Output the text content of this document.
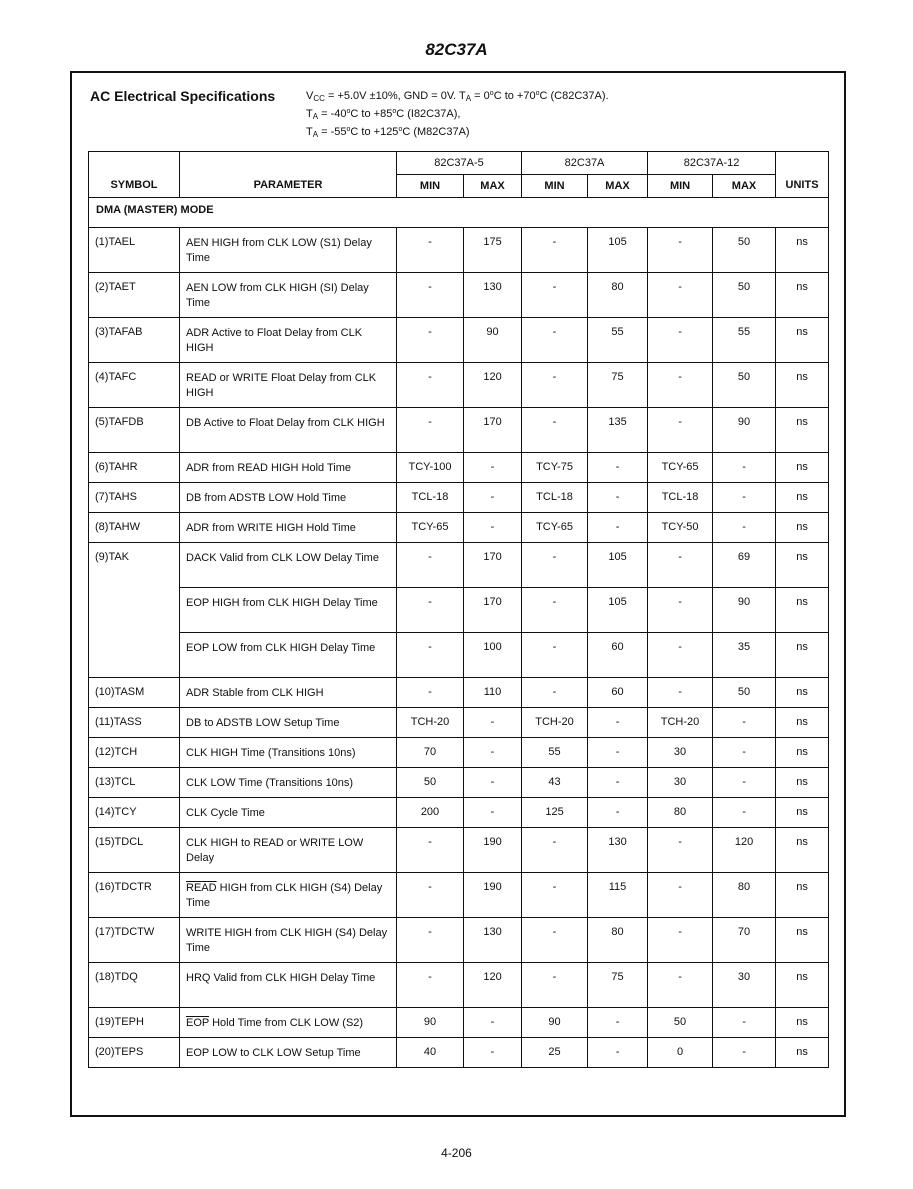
82C37A
AC Electrical Specifications	$V_{CC} = +5.0V \pm 10\%$, GND = 0V. $T_A = 0^oC$ to $+70^oC$ (C82C37A).
$T_A = -40^oC$ to $+85^oC$ (I82C37A),
$T_A = -55^oC$ to $+125^oC$ (M82C37A)
SYMBOL	PARAMETER	82C37A-5		82C37A		82C37A-12		UNITS
		MIN	MAX	MIN	MAX	MIN	MAX	
DMA (MASTER) MODE								
(1)TAEL	AEN HIGH from CLK LOW (S1) Delay Time	-	175	-	105	-	50	ns
(2)TAET	AEN LOW from CLK HIGH (SI) Delay Time	-	130	-	80	-	50	ns
(3)TAFAB	ADR Active to Float Delay from CLK HIGH	-	90	-	55	-	55	ns
(4)TAFC	READ or WRITE Float Delay from CLK HIGH	-	120	-	75	-	50	ns
(5)TAFDB	DB Active to Float Delay from CLK HIGH	-	170	-	135	-	90	ns
(6)TAHR	ADR from READ HIGH Hold Time	TCY-100	-	TCY-75	-	TCY-65	-	ns
(7)TAHS	DB from ADSTB LOW Hold Time	TCL-18	-	TCL-18	-	TCL-18	-	ns
(8)TAHW	ADR from WRITE HIGH Hold Time	TCY-65	-	TCY-65	-	TCY-50	-	ns
(9)TAK	DACK Valid from CLK LOW Delay Time	-	170	-	105	-	69	ns
	EOP HIGH from CLK HIGH Delay Time	-	170	-	105	-	90	ns
	EOP LOW from CLK HIGH Delay Time	-	100	-	60	-	35	ns
(10)TASM	ADR Stable from CLK HIGH	-	110	-	60	-	50	ns
(11)TASS	DB to ADSTB LOW Setup Time	TCH-20	-	TCH-20	-	TCH-20	-	ns
(12)TCH	CLK HIGH Time (Transitions 10ns)	70	-	55	-	30	-	ns
(13)TCL	CLK LOW Time (Transitions 10ns)	50	-	43	-	30	-	ns
(14)TCY	CLK Cycle Time	200	-	125	-	80	-	ns
(15)TDCL	CLK HIGH to READ or WRITE LOW Delay	-	190	-	130	-	120	ns
(16)TDCTR	READ HIGH from CLK HIGH (S4) Delay Time	-	190	-	115	-	80	ns
(17)TDCTW	WRITE HIGH from CLK HIGH (S4) Delay Time	-	130	-	80	-	70	ns
(18)TDQ	HRQ Valid from CLK HIGH Delay Time	-	120	-	75	-	30	ns
(19)TEPH	$\overline{EOP}$ Hold Time from CLK LOW (S2)	90	-	90	-	50	-	ns
(20)TEPS	EOP LOW to CLK LOW Setup Time	40	-	25	-	0	-	ns
4-206
